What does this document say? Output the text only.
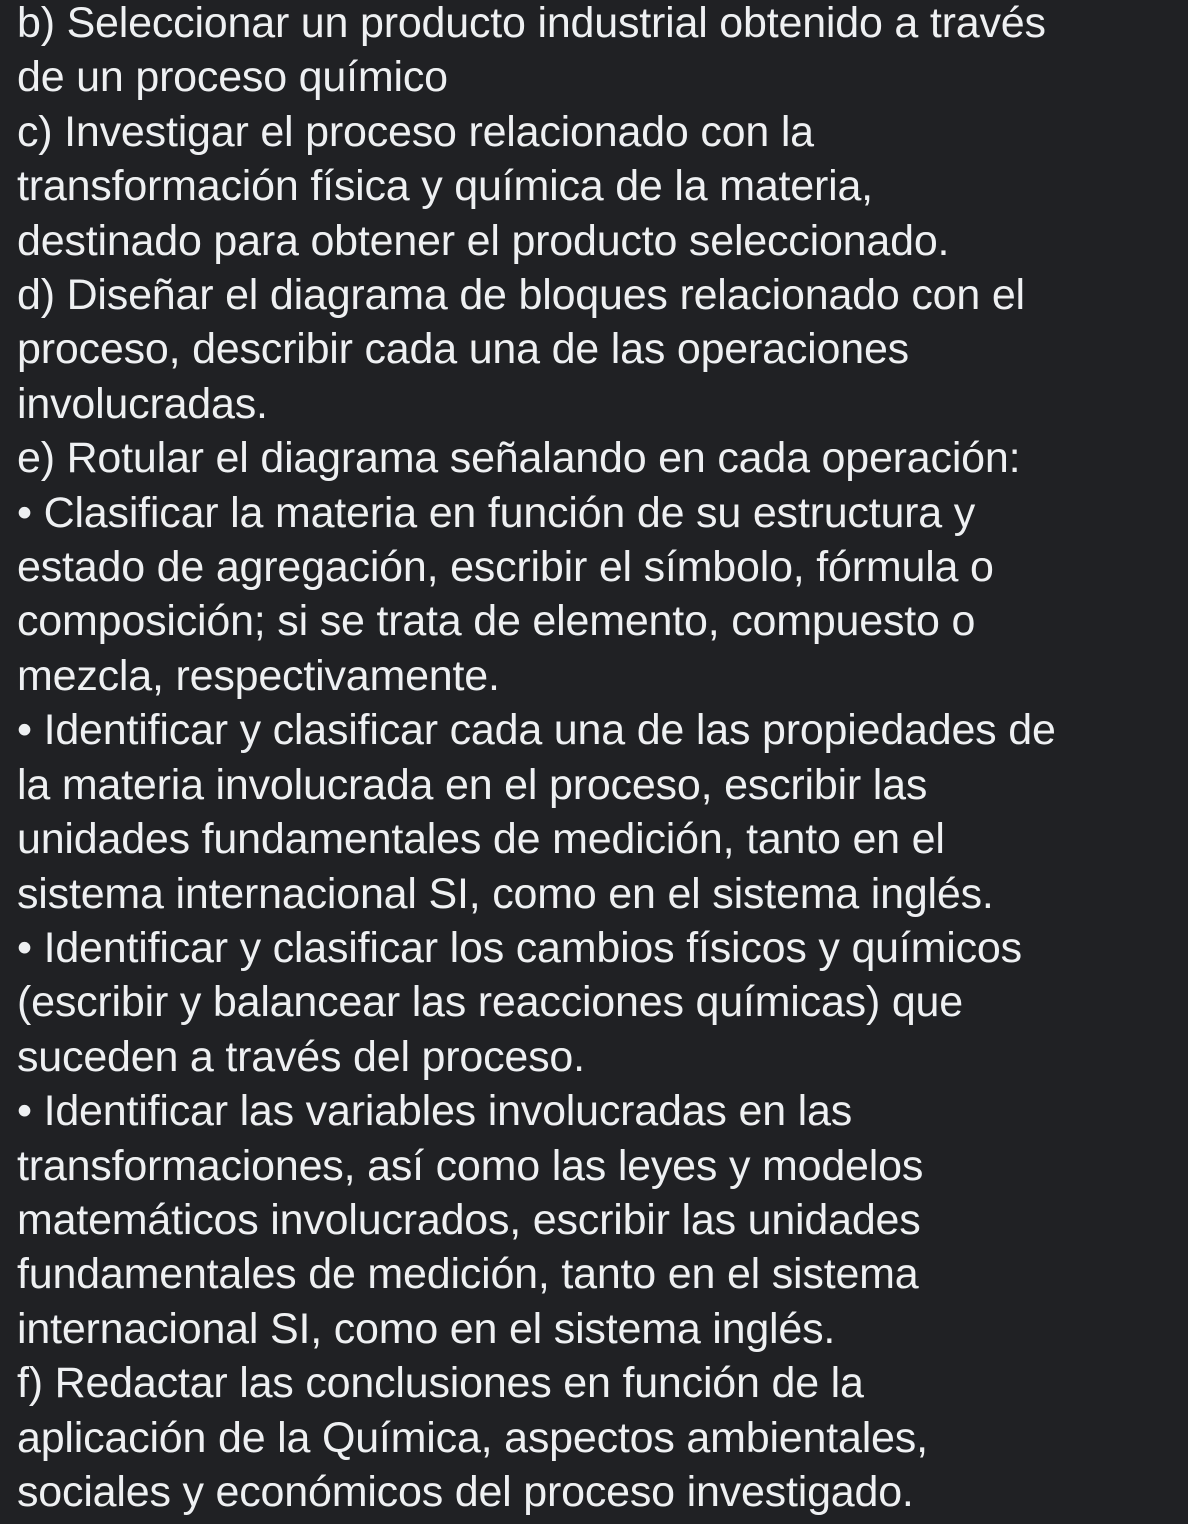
b) Seleccionar un producto industrial obtenido a través
de un proceso químico
c) Investigar el proceso relacionado con la
transformación física y química de la materia,
destinado para obtener el producto seleccionado.
d) Diseñar el diagrama de bloques relacionado con el
proceso, describir cada una de las operaciones
involucradas.
e) Rotular el diagrama señalando en cada operación:
• Clasificar la materia en función de su estructura y
estado de agregación, escribir el símbolo, fórmula o
composición; si se trata de elemento, compuesto o
mezcla, respectivamente.
• Identificar y clasificar cada una de las propiedades de
la materia involucrada en el proceso, escribir las
unidades fundamentales de medición, tanto en el
sistema internacional SI, como en el sistema inglés.
• Identificar y clasificar los cambios físicos y químicos
(escribir y balancear las reacciones químicas) que
suceden a través del proceso.
• Identificar las variables involucradas en las
transformaciones, así como las leyes y modelos
matemáticos involucrados, escribir las unidades
fundamentales de medición, tanto en el sistema
internacional SI, como en el sistema inglés.
f) Redactar las conclusiones en función de la
aplicación de la Química, aspectos ambientales,
sociales y económicos del proceso investigado.
